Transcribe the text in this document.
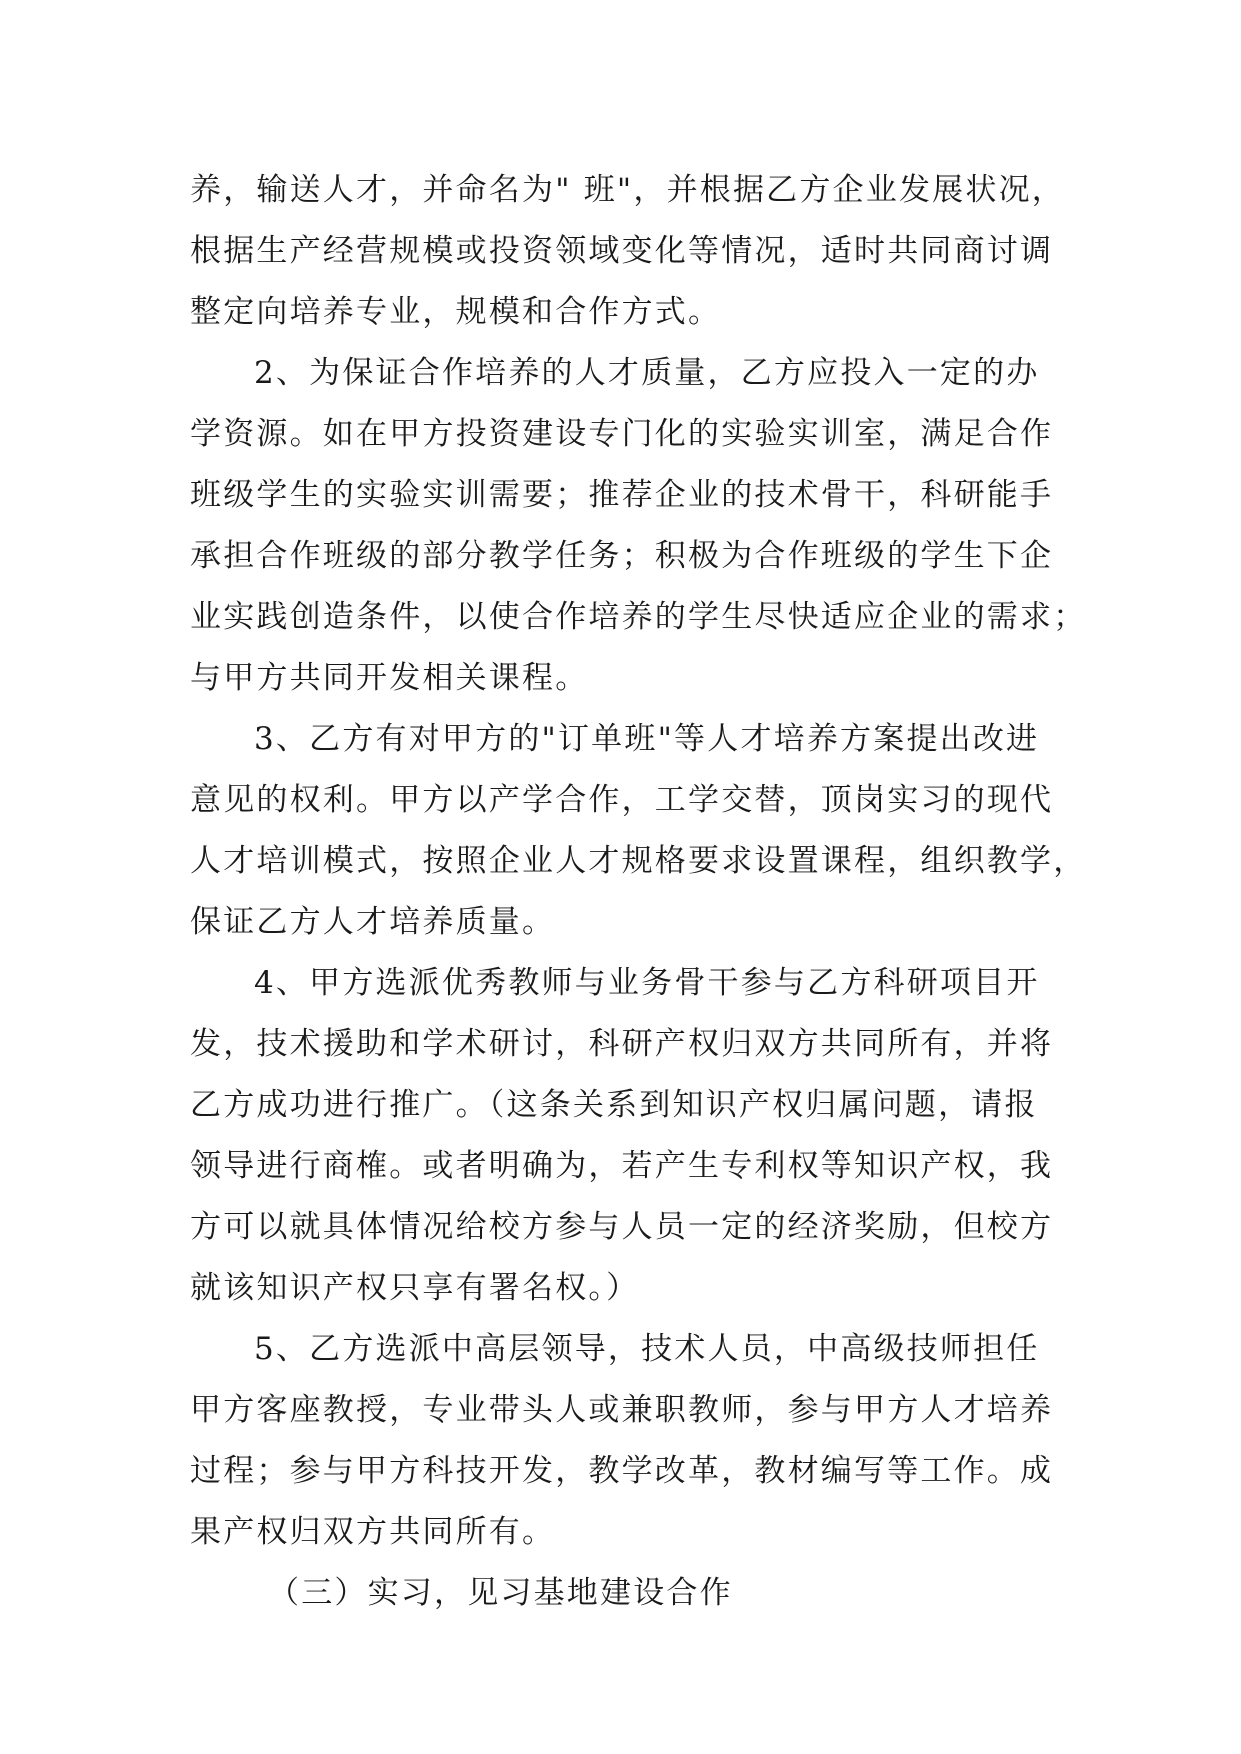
养，输送人才，并命名为" 班"，并根据乙方企业发展状况，
根据生产经营规模或投资领域变化等情况，适时共同商讨调
整定向培养专业，规模和合作方式。
2、为保证合作培养的人才质量，乙方应投入一定的办
学资源。如在甲方投资建设专门化的实验实训室，满足合作
班级学生的实验实训需要；推荐企业的技术骨干，科研能手
承担合作班级的部分教学任务；积极为合作班级的学生下企
业实践创造条件，以使合作培养的学生尽快适应企业的需求；
与甲方共同开发相关课程。
3、乙方有对甲方的"订单班"等人才培养方案提出改进
意见的权利。甲方以产学合作，工学交替，顶岗实习的现代
人才培训模式，按照企业人才规格要求设置课程，组织教学，
保证乙方人才培养质量。
4、甲方选派优秀教师与业务骨干参与乙方科研项目开
发，技术援助和学术研讨，科研产权归双方共同所有，并将
乙方成功进行推广。（这条关系到知识产权归属问题，请报
领导进行商榷。或者明确为，若产生专利权等知识产权，我
方可以就具体情况给校方参与人员一定的经济奖励，但校方
就该知识产权只享有署名权。）
5、乙方选派中高层领导，技术人员，中高级技师担任
甲方客座教授，专业带头人或兼职教师，参与甲方人才培养
过程；参与甲方科技开发，教学改革，教材编写等工作。成
果产权归双方共同所有。
（三）实习，见习基地建设合作
